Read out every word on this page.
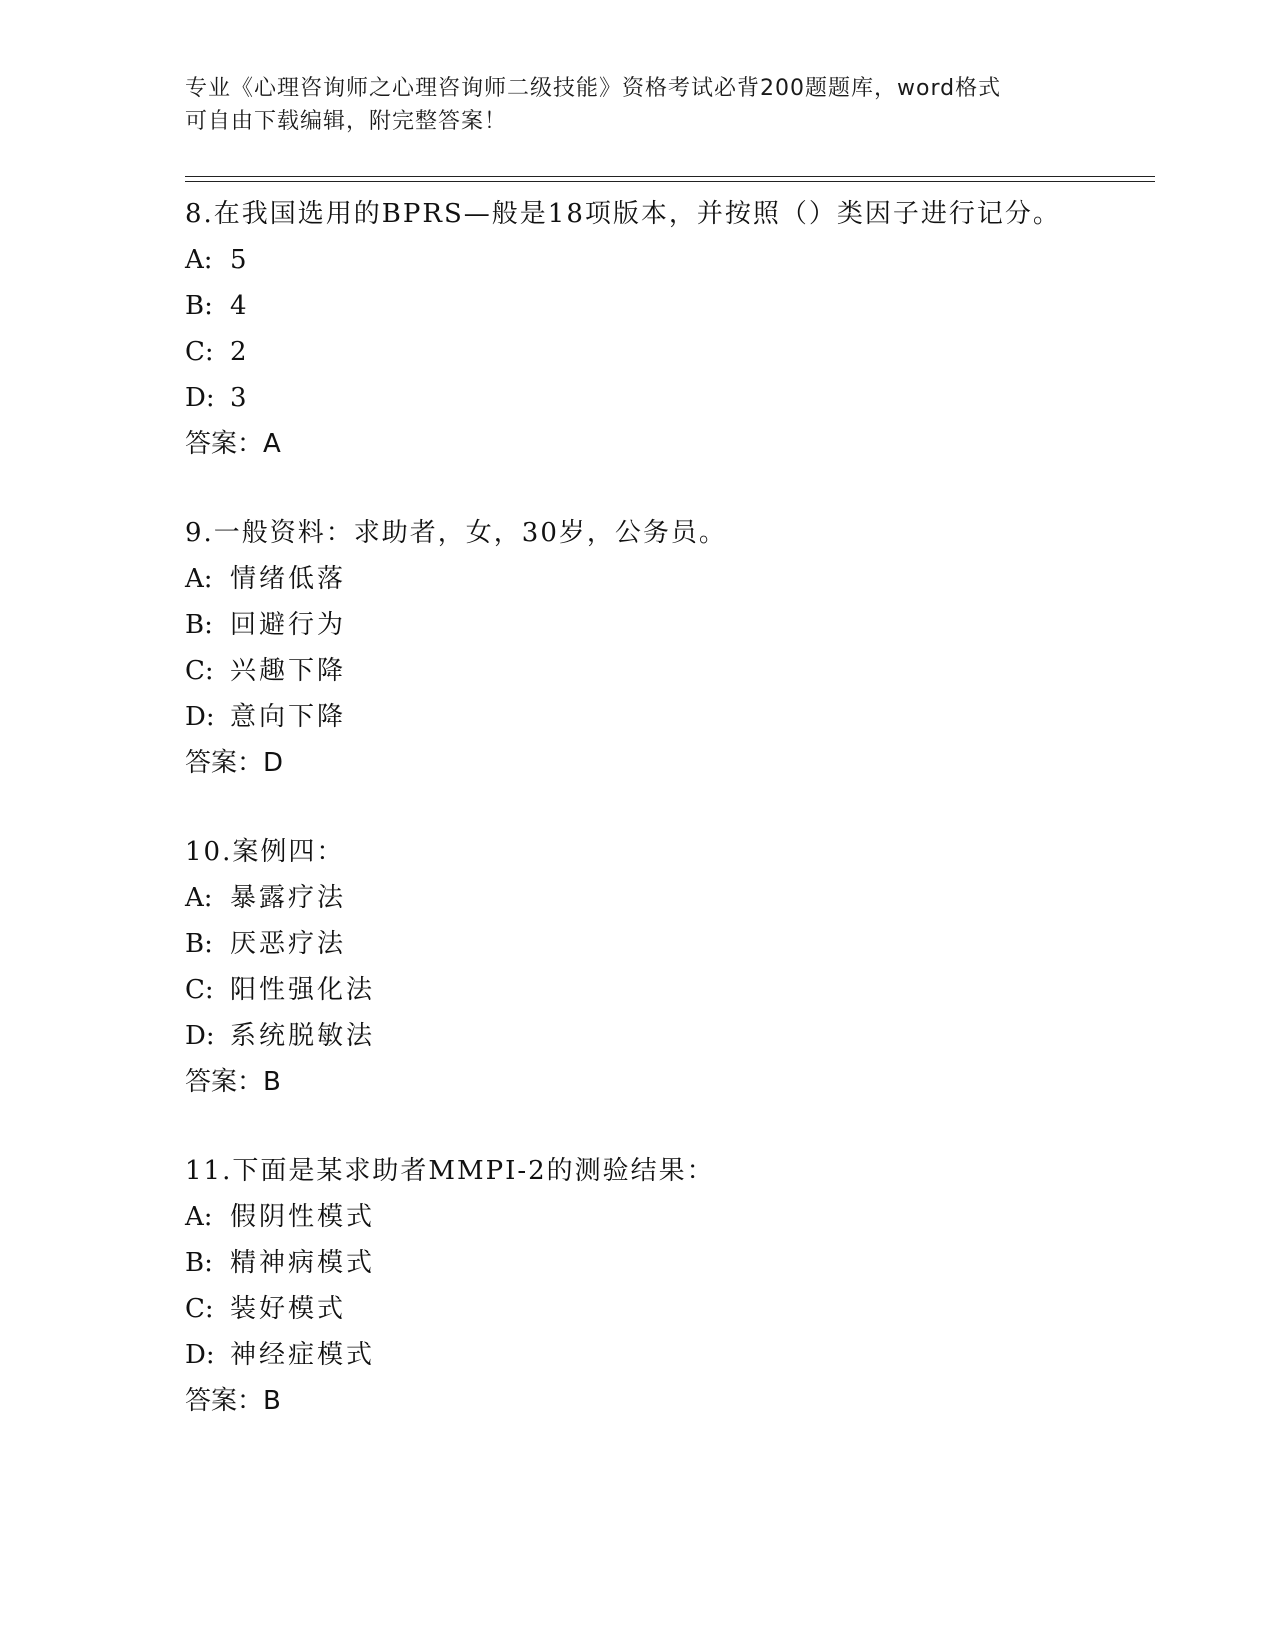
专业《心理咨询师之心理咨询师二级技能》资格考试必背200题题库，word格式
可自由下载编辑，附完整答案！
8.在我国选用的BPRS—般是18项版本，并按照（）类因子进行记分。
A: 5
B: 4
C: 2
D: 3
答案：A
9.一般资料：求助者，女，30岁，公务员。
A: 情绪低落
B: 回避行为
C: 兴趣下降
D: 意向下降
答案：D
10.案例四：
A: 暴露疗法
B: 厌恶疗法
C: 阳性强化法
D: 系统脱敏法
答案：B
11.下面是某求助者MMPI-2的测验结果：
A: 假阴性模式
B: 精神病模式
C: 装好模式
D: 神经症模式
答案：B
